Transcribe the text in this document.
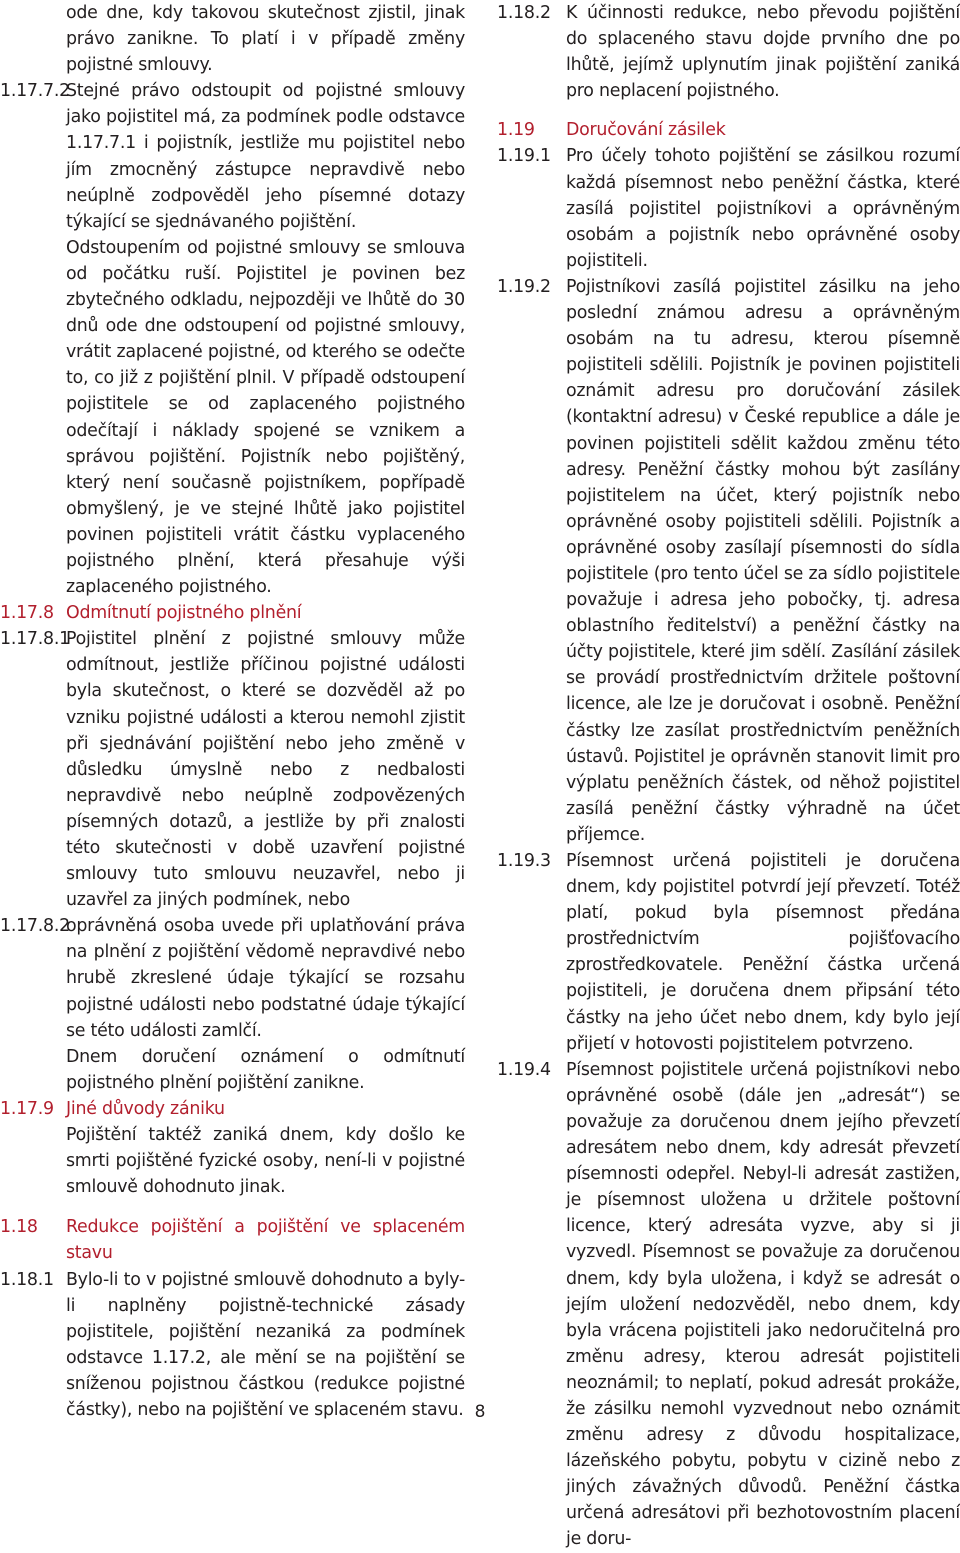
ode dne, kdy takovou skutečnost zjistil, jinak právo zanikne. To platí i v případě změny pojistné smlouvy.
1.17.7.2

Stejné právo odstoupit od pojistné smlouvy jako pojistitel má, za podmínek podle odstavce 1.17.7.1 i pojistník, jestliže mu pojistitel nebo jím zmocněný zástupce nepravdivě nebo neúplně zodpověděl jeho písemné dotazy týkající se sjednávaného pojištění.

Odstoupením od pojistné smlouvy se smlouva od počátku ruší. Pojistitel je povinen bez zbytečného odkladu, nejpozději ve lhůtě do 30 dnů ode dne odstoupení od pojistné smlouvy, vrátit zaplacené pojistné, od kterého se odečte to, co již z pojištění plnil. V případě odstoupení pojistitele se od zaplaceného pojistného odečítají i náklady spojené se vznikem a správou pojištění. Pojistník nebo pojištěný, který není současně pojistníkem, popřípadě obmyšlený, je ve stejné lhůtě jako pojistitel povinen pojistiteli vrátit částku vyplaceného pojistného plnění, která přesahuje výši zaplaceného pojistného.

1.17.8 Odmítnutí pojistného plnění
1.17.8.1

Pojistitel plnění z pojistné smlouvy může odmítnout, jestliže příčinou pojistné události byla skutečnost, o které se dozvěděl až po vzniku pojistné události a kterou nemohl zjistit při sjednávání pojištění nebo jeho změně v důsledku úmyslně nebo z nedbalosti nepravdivě nebo neúplně zodpovězených písemných dotazů, a jestliže by při znalosti této skutečnosti v době uzavření pojistné smlouvy tuto smlouvu neuzavřel, nebo ji uzavřel za jiných podmínek, nebo

1.17.8.2

oprávněná osoba uvede při uplatňování práva na plnění z pojištění vědomě nepravdivé nebo hrubě zkreslené údaje týkající se rozsahu pojistné události nebo podstatné údaje týkající se této události zamlčí.

Dnem doručení oznámení o odmítnutí pojistného plnění pojištění zanikne.

1.17.9 Jiné důvody zániku

Pojištění taktéž zaniká dnem, kdy došlo ke smrti pojištěné fyzické osoby, není-li v pojistné smlouvě dohodnuto jinak.

1.18	Redukce pojištění a pojištění ve splaceném stavu
1.18.1 Bylo-li to v pojistné smlouvě dohodnuto a byly-li naplněny pojistně-technické zásady pojistitele, pojištění nezaniká za podmínek odstavce 1.17.2, ale mění se na pojištění se sníženou pojistnou částkou (redukce pojistné částky), nebo na pojištění ve splaceném stavu.

1.18.2 K účinnosti redukce, nebo převodu pojištění do splaceného stavu dojde prvního dne po lhůtě, jejímž uplynutím jinak pojištění zaniká pro neplacení pojistného.

1.19	Doručování zásilek
1.19.1 Pro účely tohoto pojištění se zásilkou rozumí každá písemnost nebo peněžní částka, které zasílá pojistitel pojistníkovi a oprávněným osobám a pojistník nebo oprávněné osoby pojistiteli.

1.19.2 Pojistníkovi zasílá pojistitel zásilku na jeho poslední známou adresu a oprávněným osobám na tu adresu, kterou písemně pojistiteli sdělili. Pojistník je povinen pojistiteli oznámit adresu pro doručování zásilek (kontaktní adresu) v České republice a dále je povinen pojistiteli sdělit každou změnu této adresy. Peněžní částky mohou být zasílány pojistitelem na účet, který pojistník nebo oprávněné osoby pojistiteli sdělili. Pojistník a oprávněné osoby zasílají písemnosti do sídla pojistitele (pro tento účel se za sídlo pojistitele považuje i adresa jeho pobočky, tj. adresa oblastního ředitelství) a peněžní částky na účty pojistitele, které jim sdělí. Zasílání zásilek se provádí prostřednictvím držitele poštovní licence, ale lze je doručovat i osobně. Peněžní částky lze zasílat prostřednictvím peněžních ústavů. Pojistitel je oprávněn stanovit limit pro výplatu peněžních částek, od něhož pojistitel zasílá peněžní částky výhradně na účet příjemce.

1.19.3 Písemnost určená pojistiteli je doručena dnem, kdy pojistitel potvrdí její převzetí. Totéž platí, pokud byla písemnost předána prostřednictvím pojišťovacího zprostředkovatele. Peněžní částka určená pojistiteli, je doručena dnem připsání této částky na jeho účet nebo dnem, kdy bylo její přijetí v hotovosti pojistitelem potvrzeno.

1.19.4 Písemnost pojistitele určená pojistníkovi nebo oprávněné osobě (dále jen „adresát“) se považuje za doručenou dnem jejího převzetí adresátem nebo dnem, kdy adresát převzetí písemnosti odepřel. Nebyl-li adresát zastižen, je písemnost uložena u držitele poštovní licence, který adresáta vyzve, aby si ji vyzvedl. Písemnost se považuje za doručenou dnem, kdy byla uložena, i když se adresát o jejím uložení nedozvěděl, nebo dnem, kdy byla vrácena pojistiteli jako nedoručitelná pro změnu adresy, kterou adresát pojistiteli neoznámil; to neplatí, pokud adresát prokáže, že zásilku nemohl vyzvednout nebo oznámit změnu adresy z důvodu hospitalizace, lázeňského pobytu, pobytu v cizině nebo z jiných závažných důvodů. Peněžní částka určená adresátovi při bezhotovostním placení je doru-

8
